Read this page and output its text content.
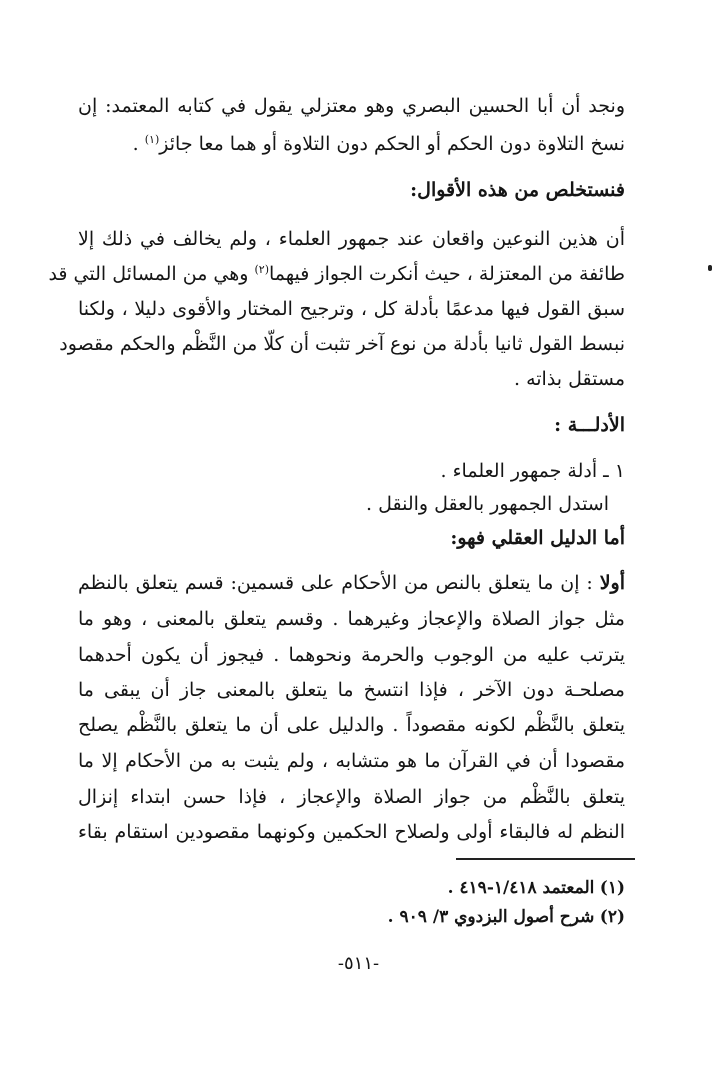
ونجد أن أبا الحسين البصري وهو معتزلي يقول في كتابه المعتمد: إن
نسخ التلاوة دون الحكم أو الحكم دون التلاوة أو هما معا جائز$^{(١)}$ .
فنستخلص من هذه الأقوال:
أن هذين النوعين واقعان عند جمهور العلماء ، ولم يخالف في ذلك إلا
طائفة من المعتزلة ، حيث أنكرت الجواز فيهما$^{(٢)}$ وهي من المسائل التي قد
سبق القول فيها مدعمًا بأدلة كل ، وترجيح المختار والأقوى دليلا ، ولكنا
نبسط القول ثانيا بأدلة من نوع آخر تثبت أن كلّا من النَّظْم والحكم مقصود
مستقل بذاته .
الأدلـــة :
١ ـ أدلة جمهور العلماء .
استدل الجمهور بالعقل والنقل .
أما الدليل العقلي فهو:
أولا : إن ما يتعلق بالنص من الأحكام على قسمين: قسم يتعلق بالنظم
مثل جواز الصلاة والإعجاز وغيرهما . وقسم يتعلق بالمعنى ، وهو ما
يترتب عليه من الوجوب والحرمة ونحوهما . فيجوز أن يكون أحدهما
مصلحـة دون الآخر ، فإذا انتسخ ما يتعلق بالمعنى جاز أن يبقى ما
يتعلق بالنَّظْم لكونه مقصوداً . والدليل على أن ما يتعلق بالنَّظْم يصلح
مقصودا أن في القرآن ما هو متشابه ، ولم يثبت به من الأحكام إلا ما
يتعلق بالنَّظْم من جواز الصلاة والإعجاز ، فإذا حسن ابتداء إنزال
النظم له فالبقاء أولى ولصلاح الحكمين وكونهما مقصودين استقام بقاء
(١) المعتمد ١/٤١٨-٤١٩ .
(٢) شرح أصول البزدوي ٣/ ٩٠٩ .
-٥١١-
